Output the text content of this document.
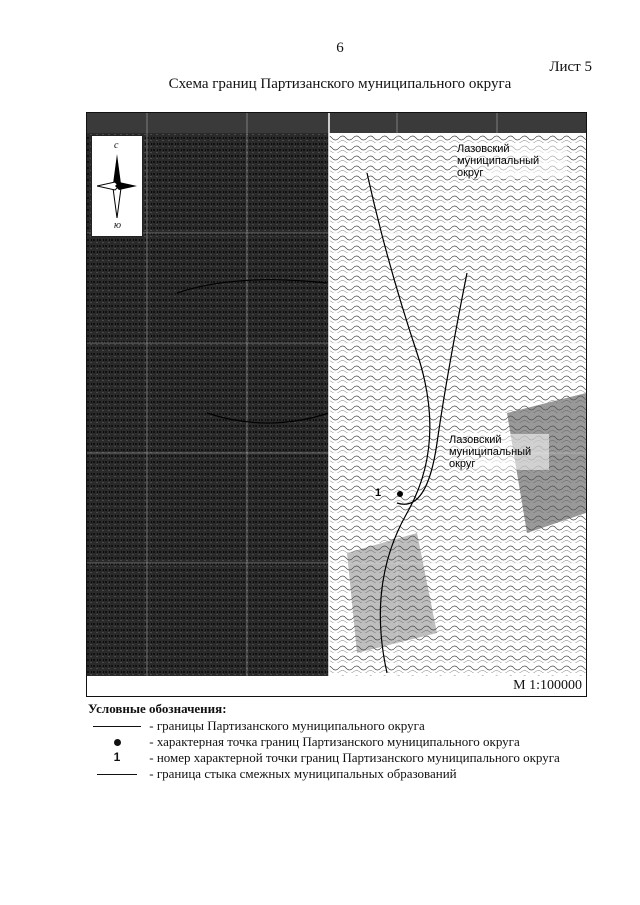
6
Лист 5
Схема границ Партизанского муниципального округа
с
ю
Лазовский муниципальный округ
Лазовский муниципальный округ
1
М 1:100000
Условные обозначения:
- границы Партизанского муниципального округа
- характерная точка границ Партизанского муниципального округа
1 - номер характерной точки границ Партизанского муниципального округа
- граница стыка смежных муниципальных образований
